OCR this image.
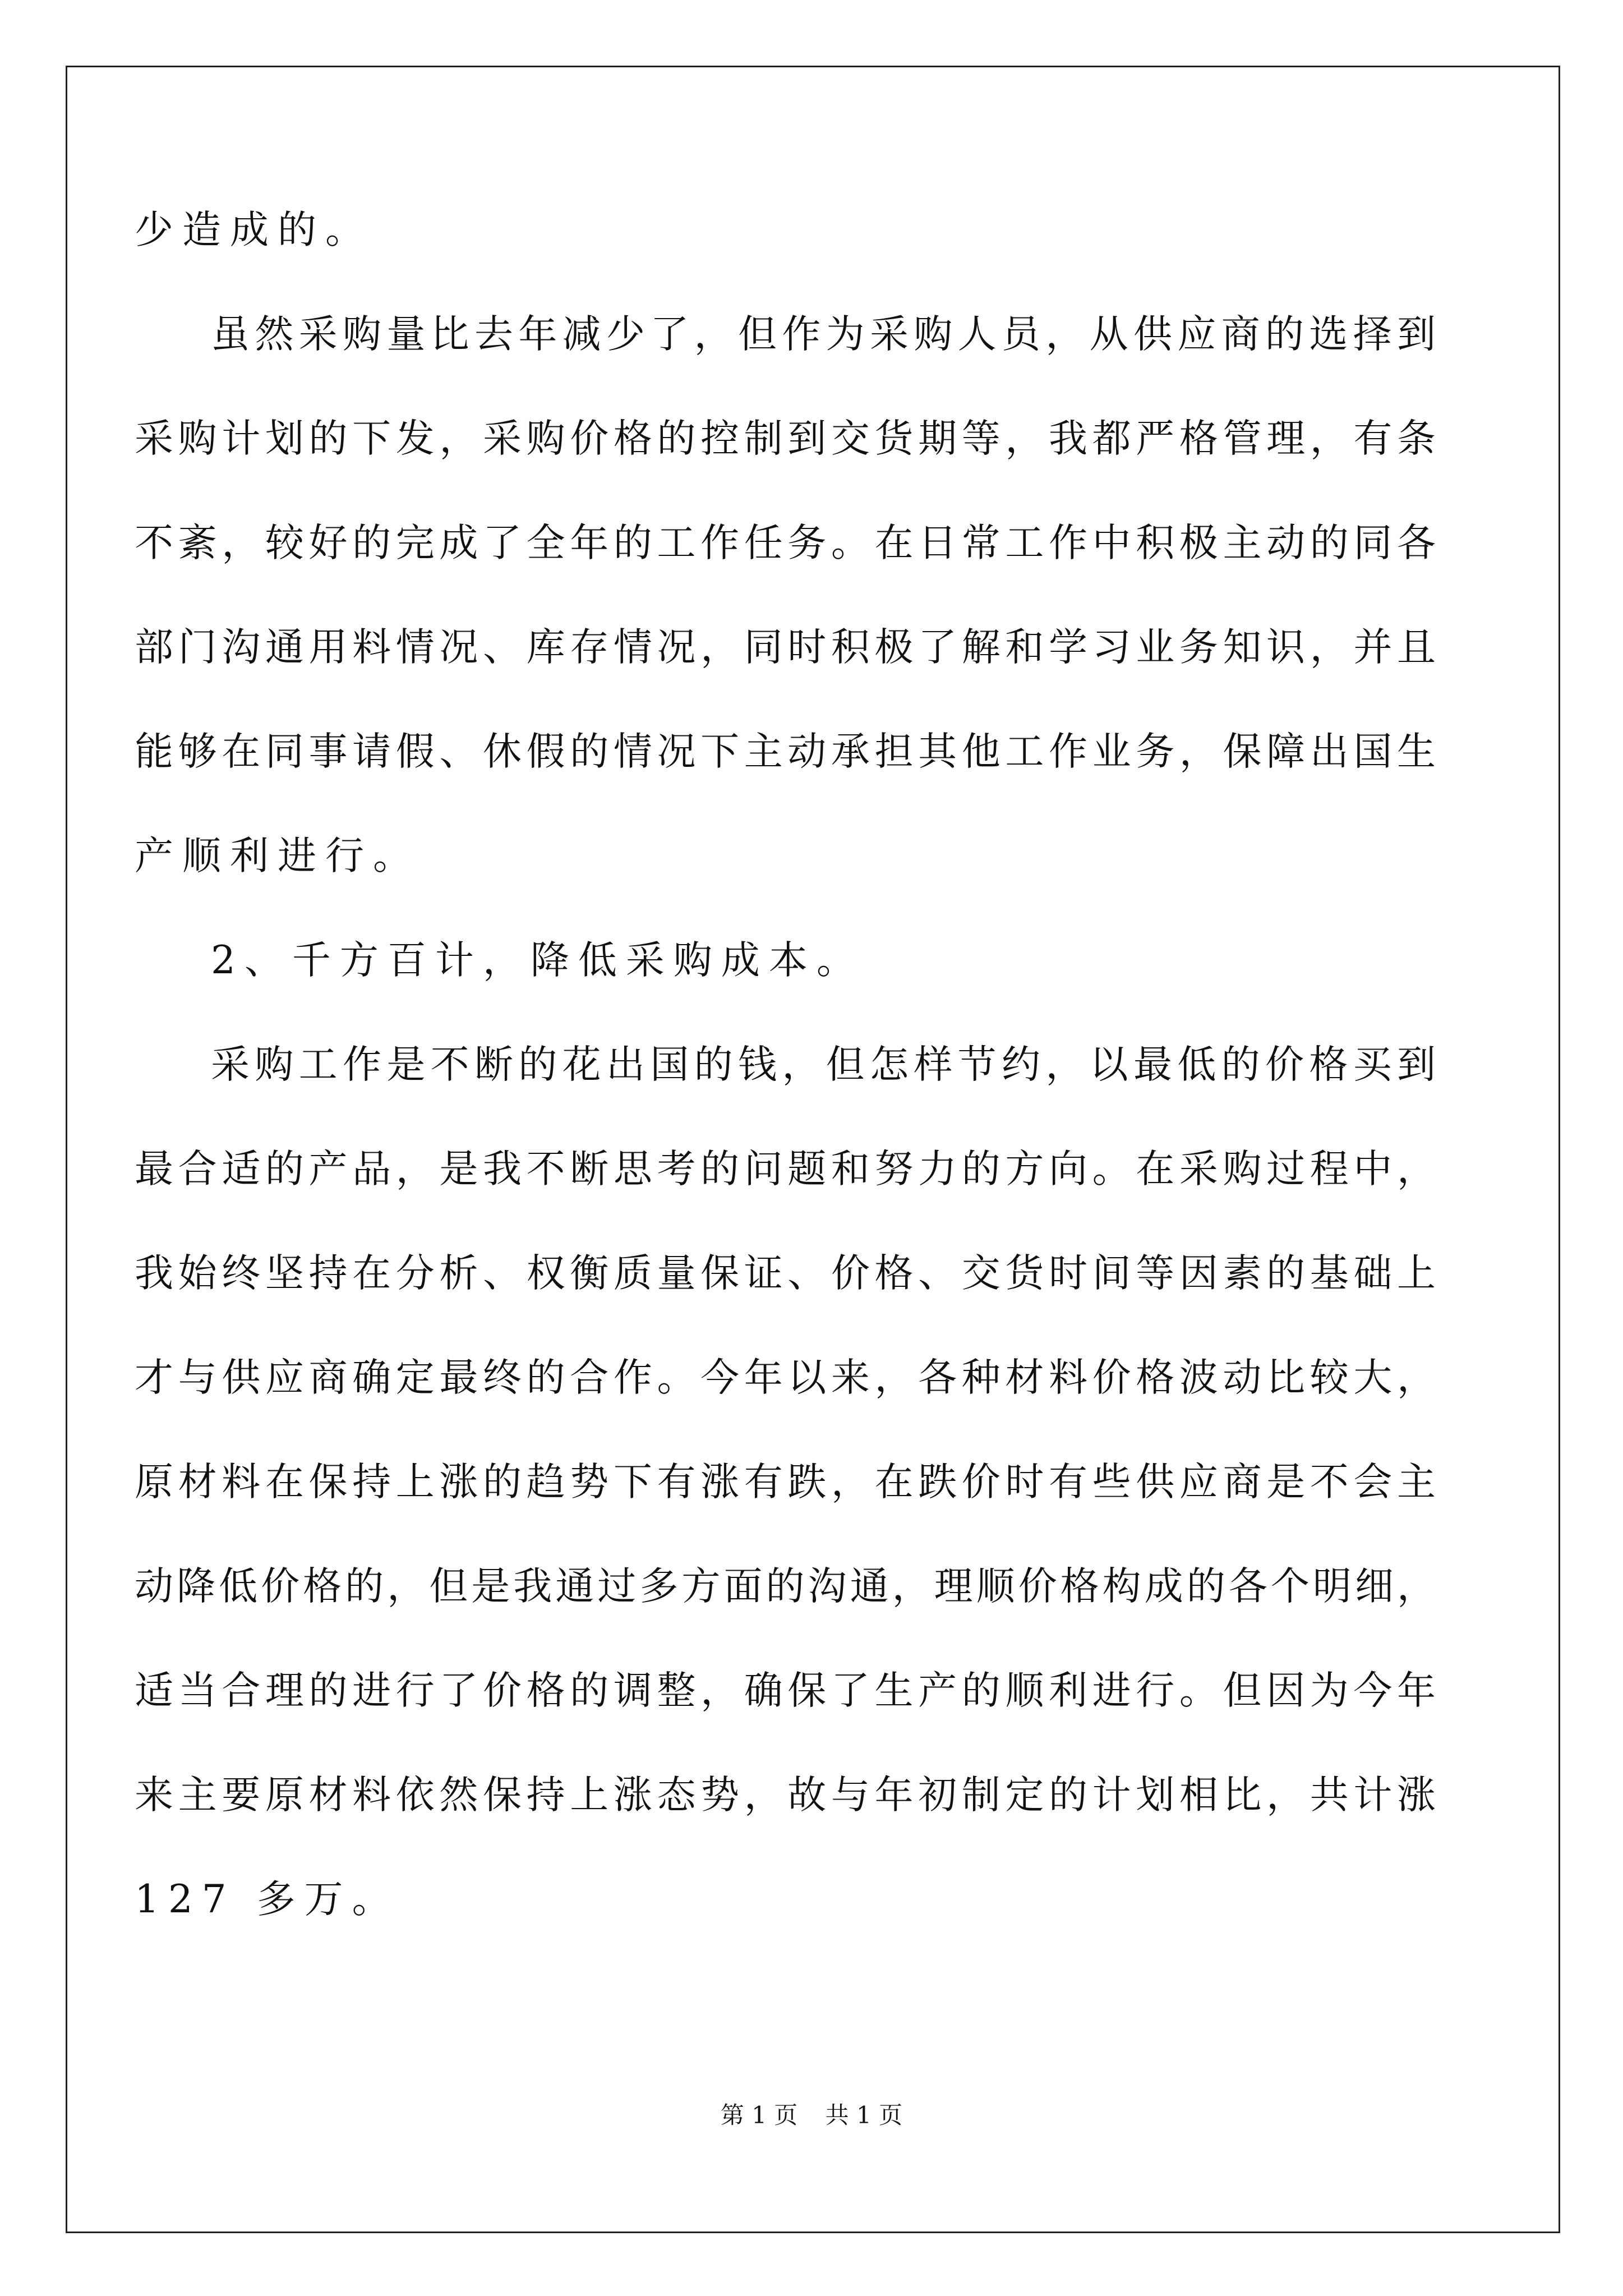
少造成的。
虽然采购量比去年减少了，但作为采购人员，从供应商的选择到
采购计划的下发，采购价格的控制到交货期等，我都严格管理，有条
不紊，较好的完成了全年的工作任务。在日常工作中积极主动的同各
部门沟通用料情况、库存情况，同时积极了解和学习业务知识，并且
能够在同事请假、休假的情况下主动承担其他工作业务，保障出国生
产顺利进行。
2、千方百计，降低采购成本。
采购工作是不断的花出国的钱，但怎样节约，以最低的价格买到
最合适的产品，是我不断思考的问题和努力的方向。在采购过程中，
我始终坚持在分析、权衡质量保证、价格、交货时间等因素的基础上
才与供应商确定最终的合作。今年以来，各种材料价格波动比较大，
原材料在保持上涨的趋势下有涨有跌，在跌价时有些供应商是不会主
动降低价格的，但是我通过多方面的沟通，理顺价格构成的各个明细，
适当合理的进行了价格的调整，确保了生产的顺利进行。但因为今年
来主要原材料依然保持上涨态势，故与年初制定的计划相比，共计涨
127 多万。
第 1 页 共 1 页
